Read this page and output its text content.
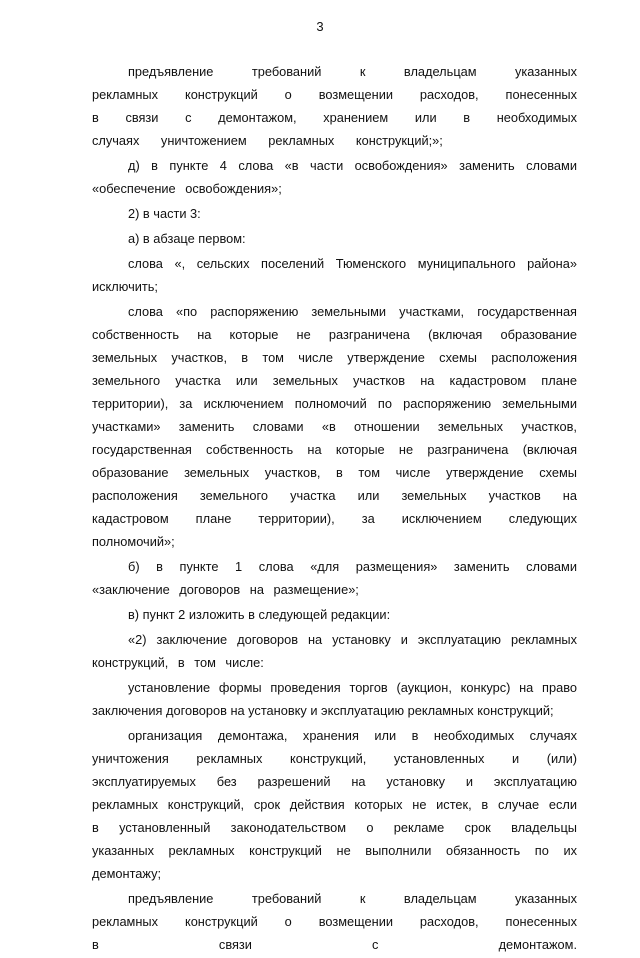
3

предъявление требований к владельцам указанных рекламных конструкций о возмещении расходов, понесенных в связи с демонтажом, хранением или в необходимых случаях уничтожением рекламных конструкций;»;

д) в пункте 4 слова «в части освобождения» заменить словами «обеспечение освобождения»;

2) в части 3:

а) в абзаце первом:

слова «, сельских поселений Тюменского муниципального района» исключить;

слова «по распоряжению земельными участками, государственная собственность на которые не разграничена (включая образование земельных участков, в том числе утверждение схемы расположения земельного участка или земельных участков на кадастровом плане территории), за исключением полномочий по распоряжению земельными участками» заменить словами «в отношении земельных участков, государственная собственность на которые не разграничена (включая образование земельных участков, в том числе утверждение схемы расположения земельного участка или земельных участков на кадастровом плане территории), за исключением следующих полномочий»;

б) в пункте 1 слова «для размещения» заменить словами «заключение договоров на размещение»;

в) пункт 2 изложить в следующей редакции:

«2) заключение договоров на установку и эксплуатацию рекламных конструкций, в том числе:

установление формы проведения торгов (аукцион, конкурс) на право заключения договоров на установку и эксплуатацию рекламных конструкций;

организация демонтажа, хранения или в необходимых случаях уничтожения рекламных конструкций, установленных и (или) эксплуатируемых без разрешений на установку и эксплуатацию рекламных конструкций, срок действия которых не истек, в случае если в установленный законодательством о рекламе срок владельцы указанных рекламных конструкций не выполнили обязанность по их демонтажу;

предъявление требований к владельцам указанных рекламных конструкций о возмещении расходов, понесенных в связи с демонтажом.
